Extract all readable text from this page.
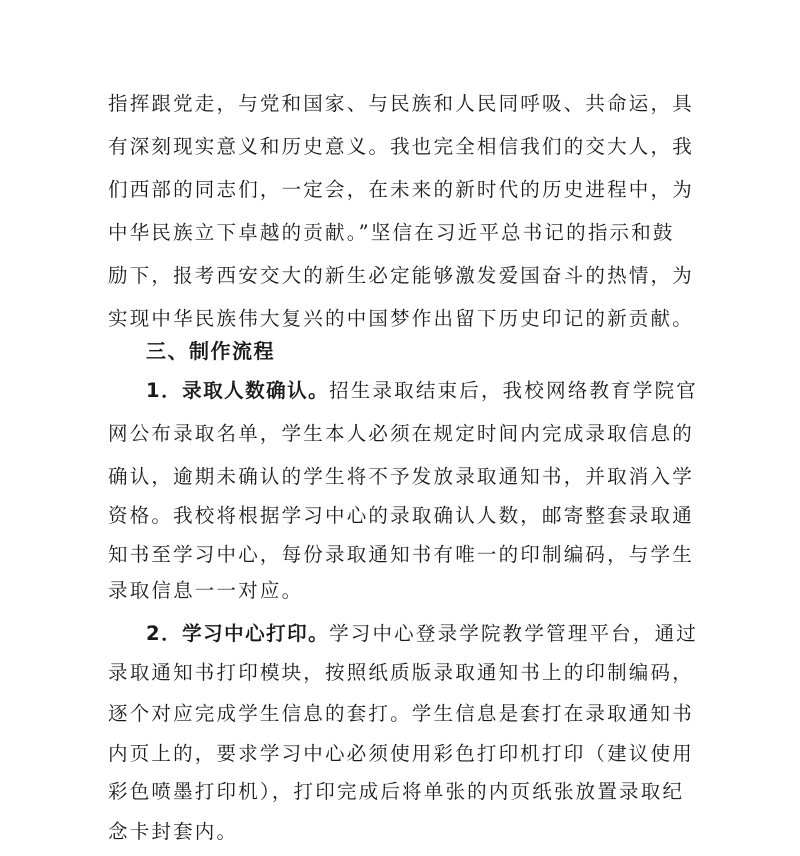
指挥跟党走，与党和国家、与民族和人民同呼吸、共命运，具
有深刻现实意义和历史意义。我也完全相信我们的交大人，我
们西部的同志们，一定会，在未来的新时代的历史进程中，为
中华民族立下卓越的贡献。”坚信在习近平总书记的指示和鼓
励下，报考西安交大的新生必定能够激发爱国奋斗的热情，为
实现中华民族伟大复兴的中国梦作出留下历史印记的新贡献。
三、制作流程
1．录取人数确认。招生录取结束后，我校网络教育学院官
网公布录取名单，学生本人必须在规定时间内完成录取信息的
确认，逾期未确认的学生将不予发放录取通知书，并取消入学
资格。我校将根据学习中心的录取确认人数，邮寄整套录取通
知书至学习中心，每份录取通知书有唯一的印制编码，与学生
录取信息一一对应。
2．学习中心打印。学习中心登录学院教学管理平台，通过
录取通知书打印模块，按照纸质版录取通知书上的印制编码，
逐个对应完成学生信息的套打。学生信息是套打在录取通知书
内页上的，要求学习中心必须使用彩色打印机打印（建议使用
彩色喷墨打印机），打印完成后将单张的内页纸张放置录取纪
念卡封套内。
